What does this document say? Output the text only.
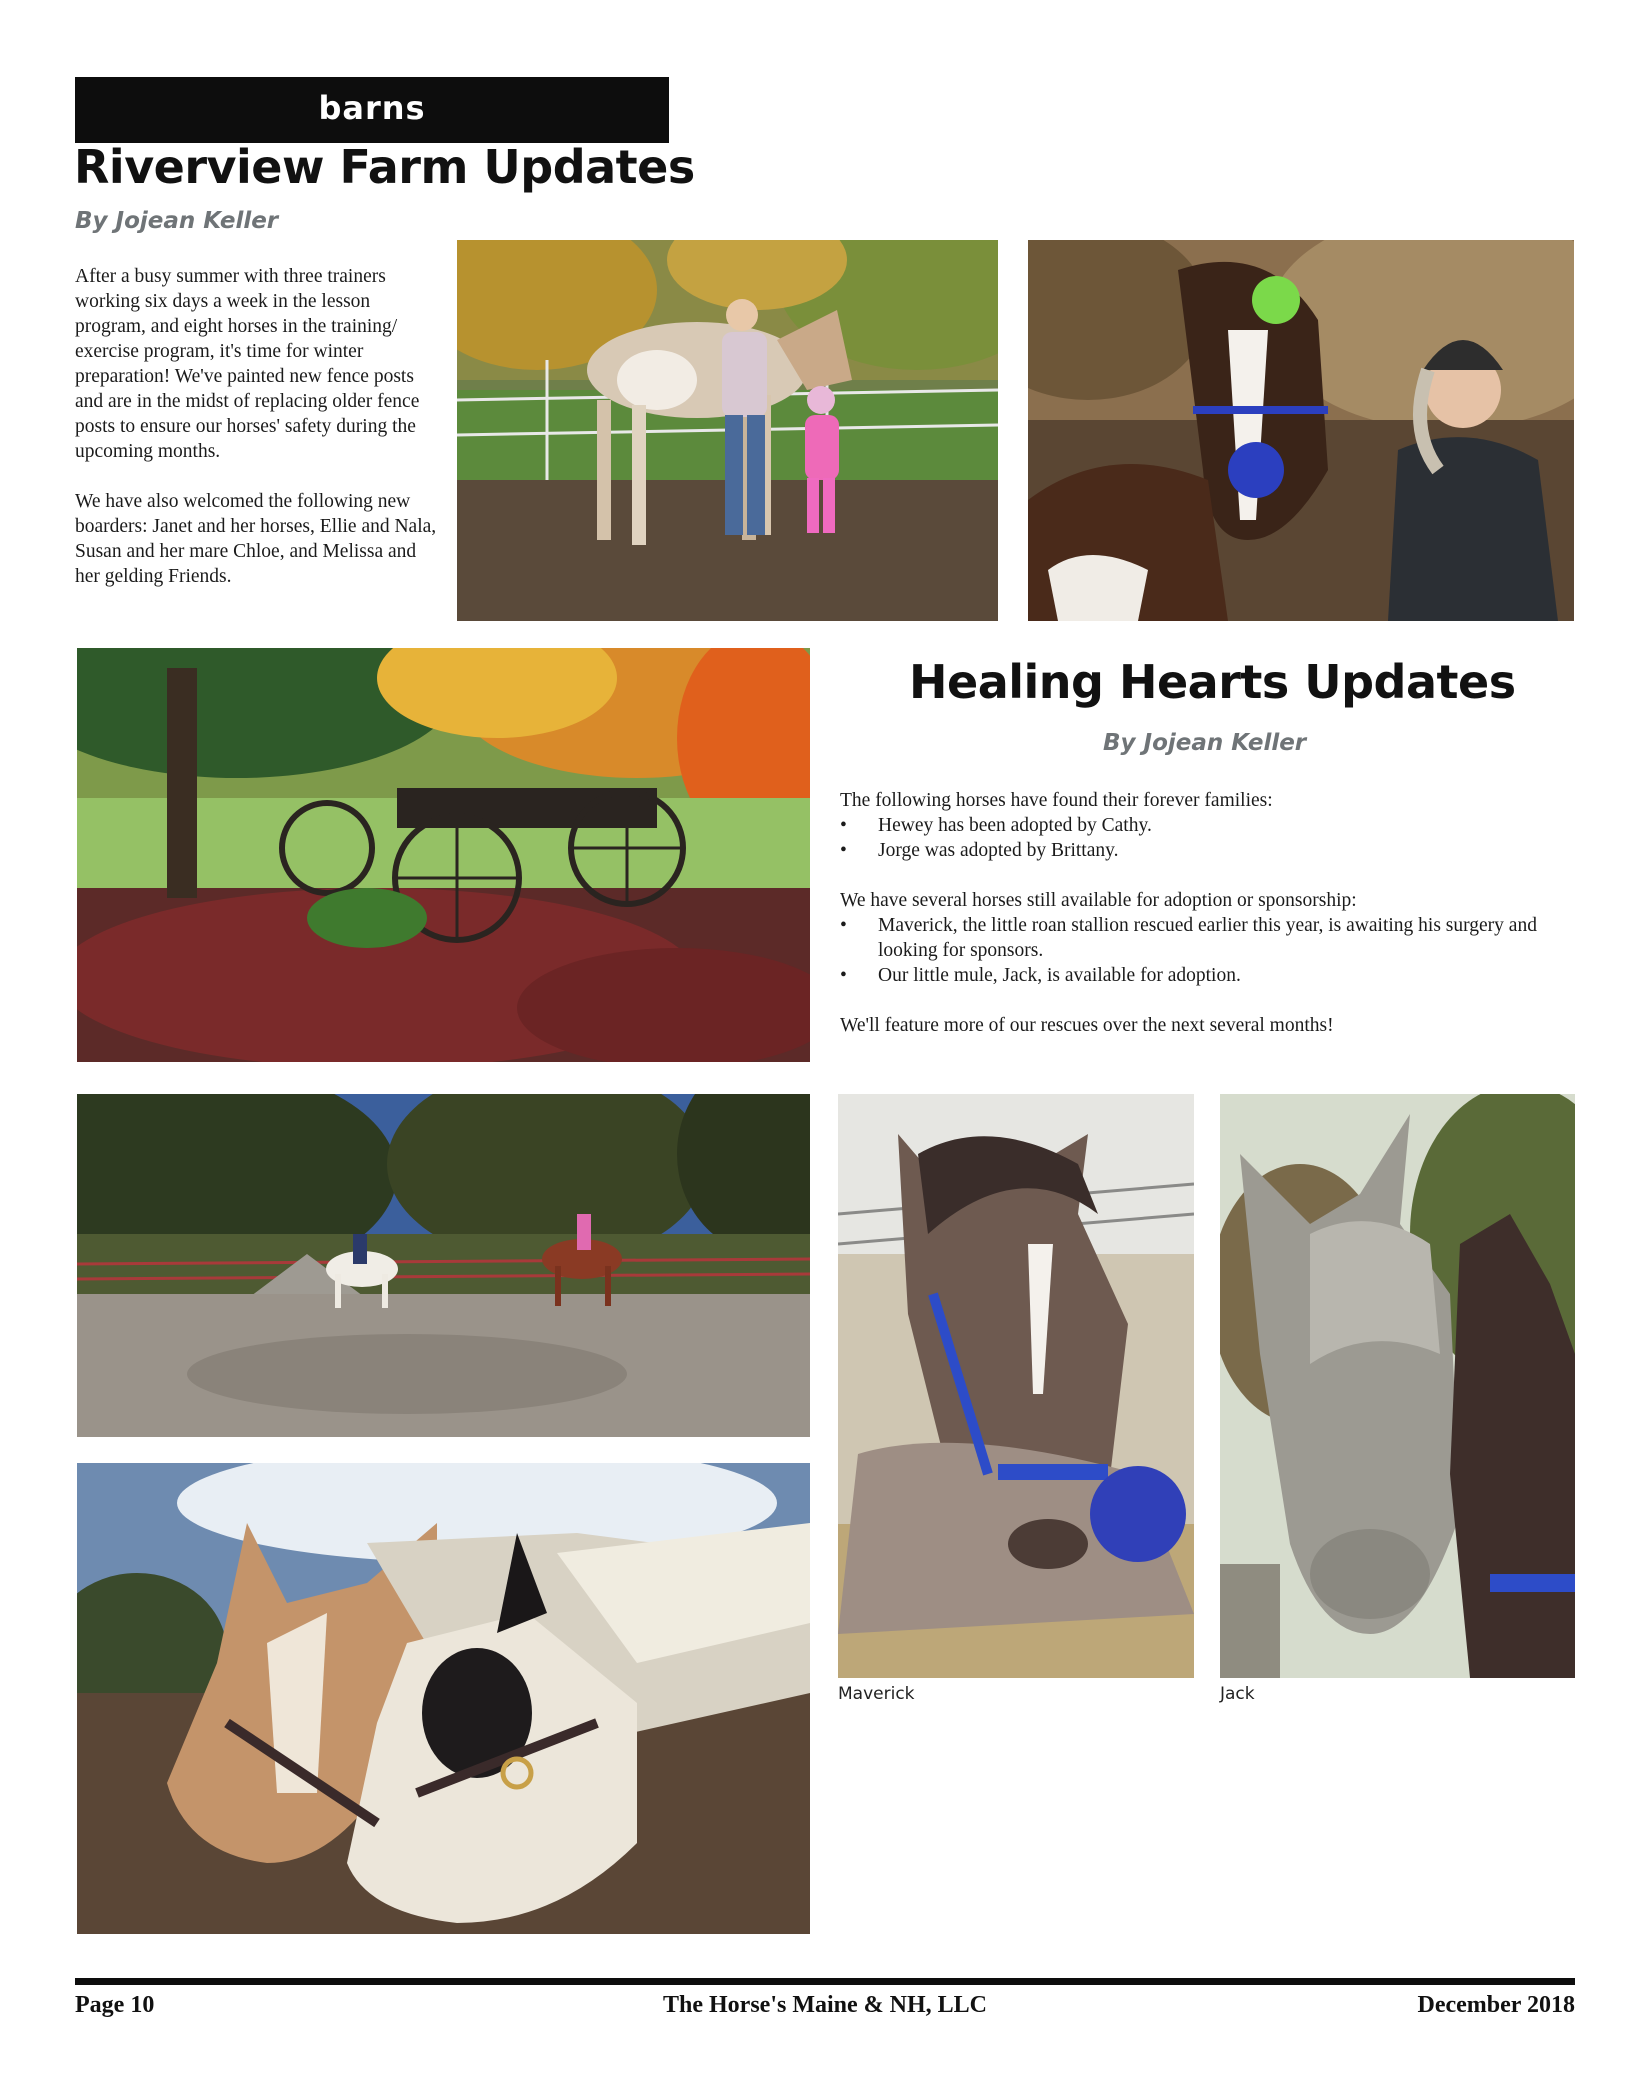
barns
Riverview Farm Updates
By Jojean Keller

After a busy summer with three trainers working six days a week in the lesson program, and eight horses in the training/ exercise program, it's time for winter preparation! We've painted new fence posts and are in the midst of replacing older fence posts to ensure our horses' safety during the upcoming months.

We have also welcomed the following new boarders: Janet and her horses, Ellie and Nala, Susan and her mare Chloe, and Melissa and her gelding Friends.

Healing Hearts Updates
By Jojean Keller

The following horses have found their forever families:

• Hewey has been adopted by Cathy.
• Jorge was adopted by Brittany.

We have several horses still available for adoption or sponsorship:

• Maverick, the little roan stallion rescued earlier this year, is awaiting his surgery and looking for sponsors.
• Our little mule, Jack, is available for adoption.

We'll feature more of our rescues over the next several months!

Maverick	Jack
Page 10	The Horse's Maine & NH, LLC	December 2018
